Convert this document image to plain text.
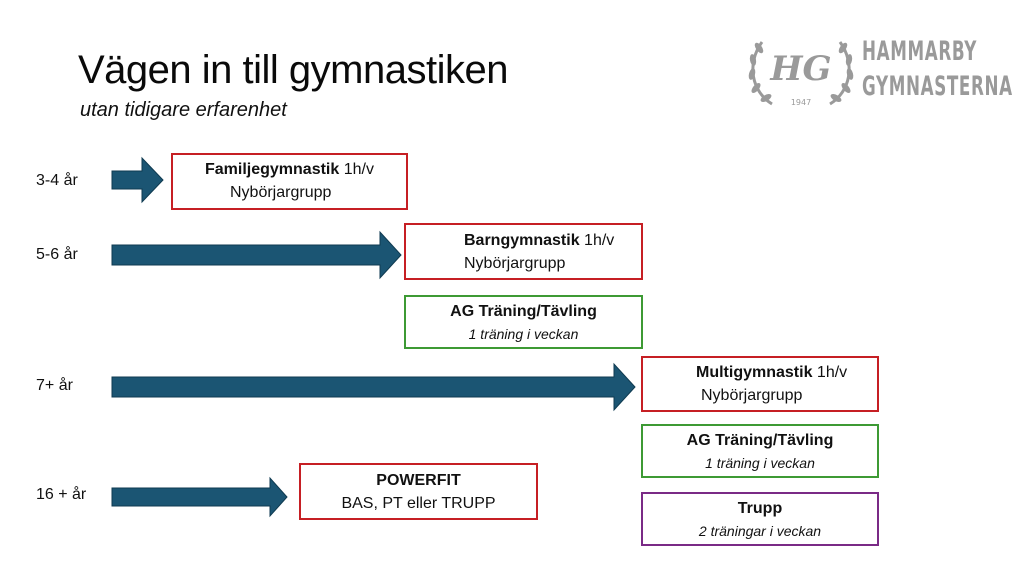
Vägen in till gymnastiken
utan tidigare erfarenhet
HG
1947
HAMMARBY
GYMNASTERNA
3-4 år
5-6 år
7+ år
16 + år
Familjegymnastik 1h/v
Nybörjargrupp
Barngymnastik 1h/v
Nybörjargrupp
AG Träning/Tävling
1 träning i veckan
Multigymnastik 1h/v
Nybörjargrupp
AG Träning/Tävling
1 träning i veckan
Trupp
2 träningar i veckan
POWERFIT
BAS, PT eller TRUPP
